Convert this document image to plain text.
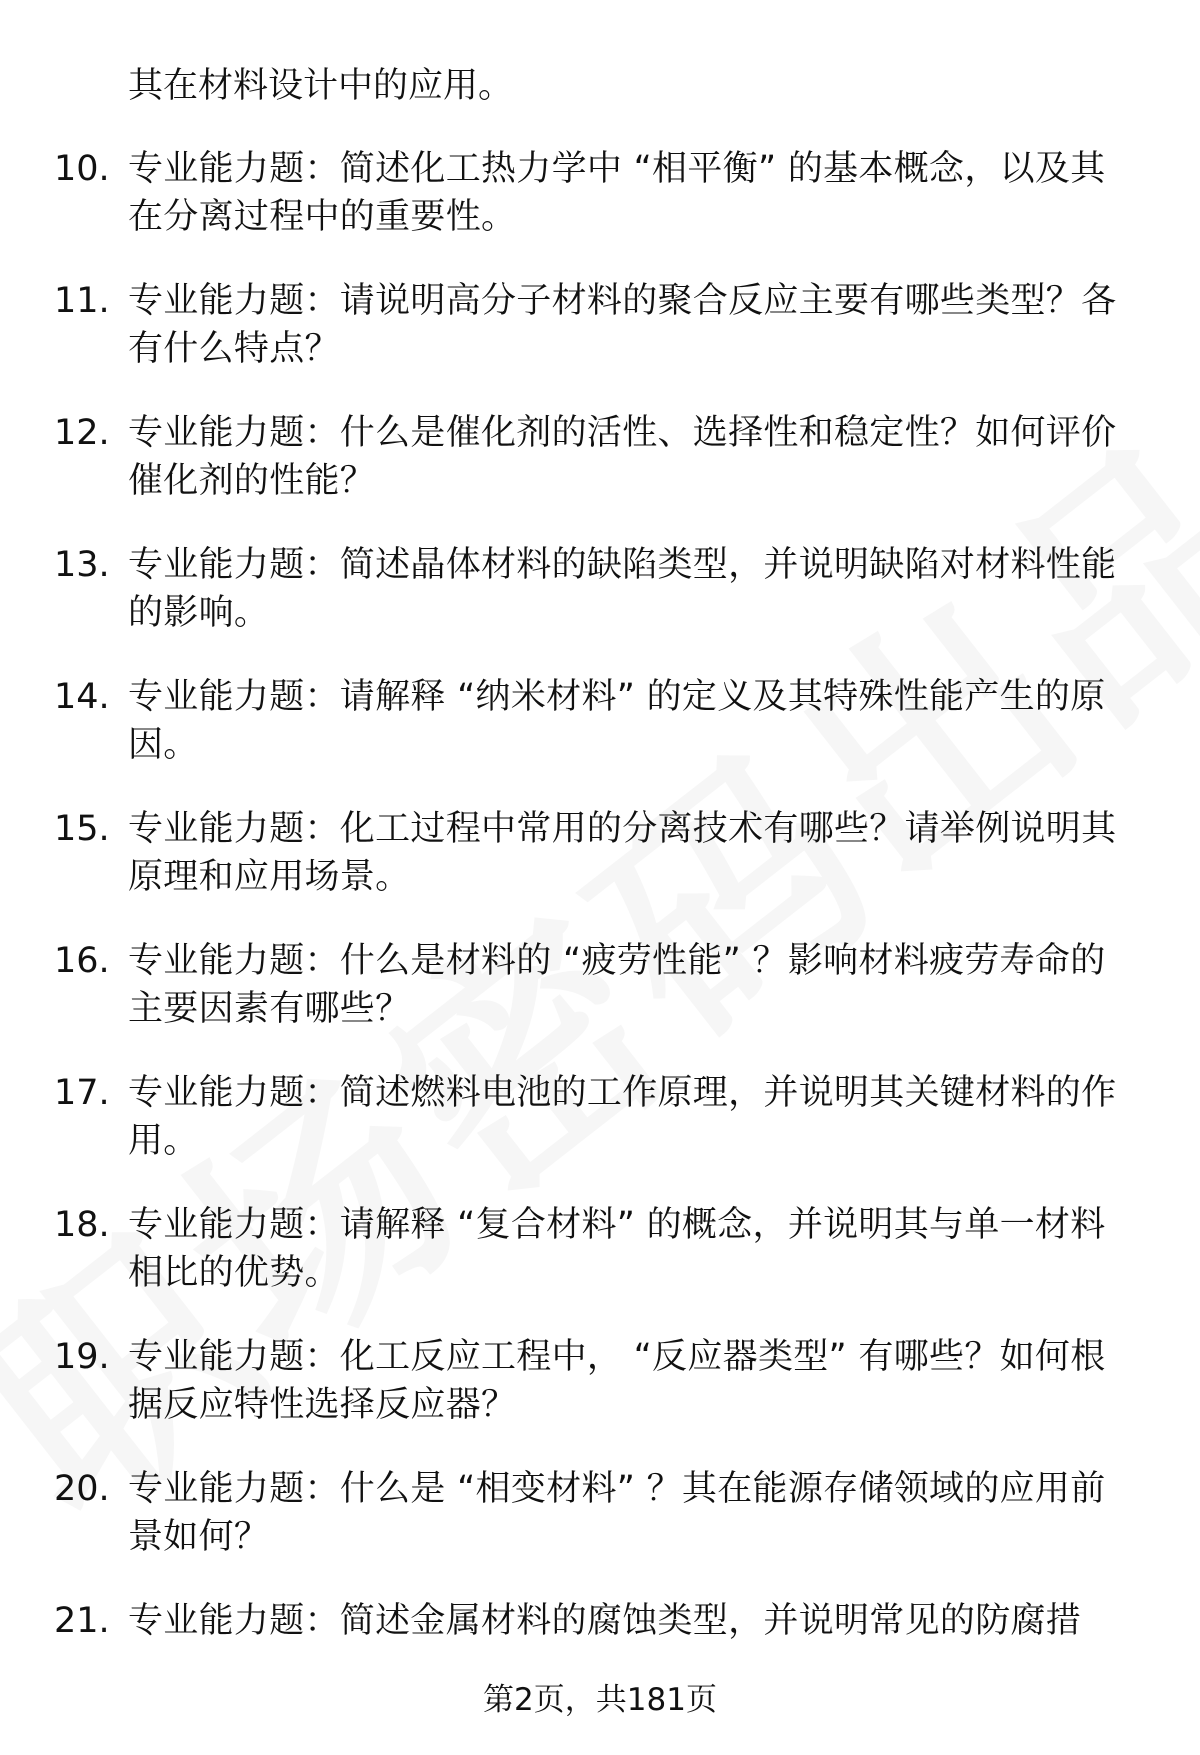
其在材料设计中的应用。
10. 专业能力题：简述化工热力学中 “相平衡” 的基本概念，以及其在分离过程中的重要性。
11. 专业能力题：请说明高分子材料的聚合反应主要有哪些类型？各有什么特点？
12. 专业能力题：什么是催化剂的活性、选择性和稳定性？如何评价催化剂的性能？
13. 专业能力题：简述晶体材料的缺陷类型，并说明缺陷对材料性能的影响。
14. 专业能力题：请解释 “纳米材料” 的定义及其特殊性能产生的原因。
15. 专业能力题：化工过程中常用的分离技术有哪些？请举例说明其原理和应用场景。
16. 专业能力题：什么是材料的 “疲劳性能” ？影响材料疲劳寿命的主要因素有哪些？
17. 专业能力题：简述燃料电池的工作原理，并说明其关键材料的作用。
18. 专业能力题：请解释 “复合材料” 的概念，并说明其与单一材料相比的优势。
19. 专业能力题：化工反应工程中， “反应器类型” 有哪些？如何根据反应特性选择反应器？
20. 专业能力题：什么是 “相变材料” ？其在能源存储领域的应用前景如何？
21. 专业能力题：简述金属材料的腐蚀类型，并说明常见的防腐措
第2页，共181页
